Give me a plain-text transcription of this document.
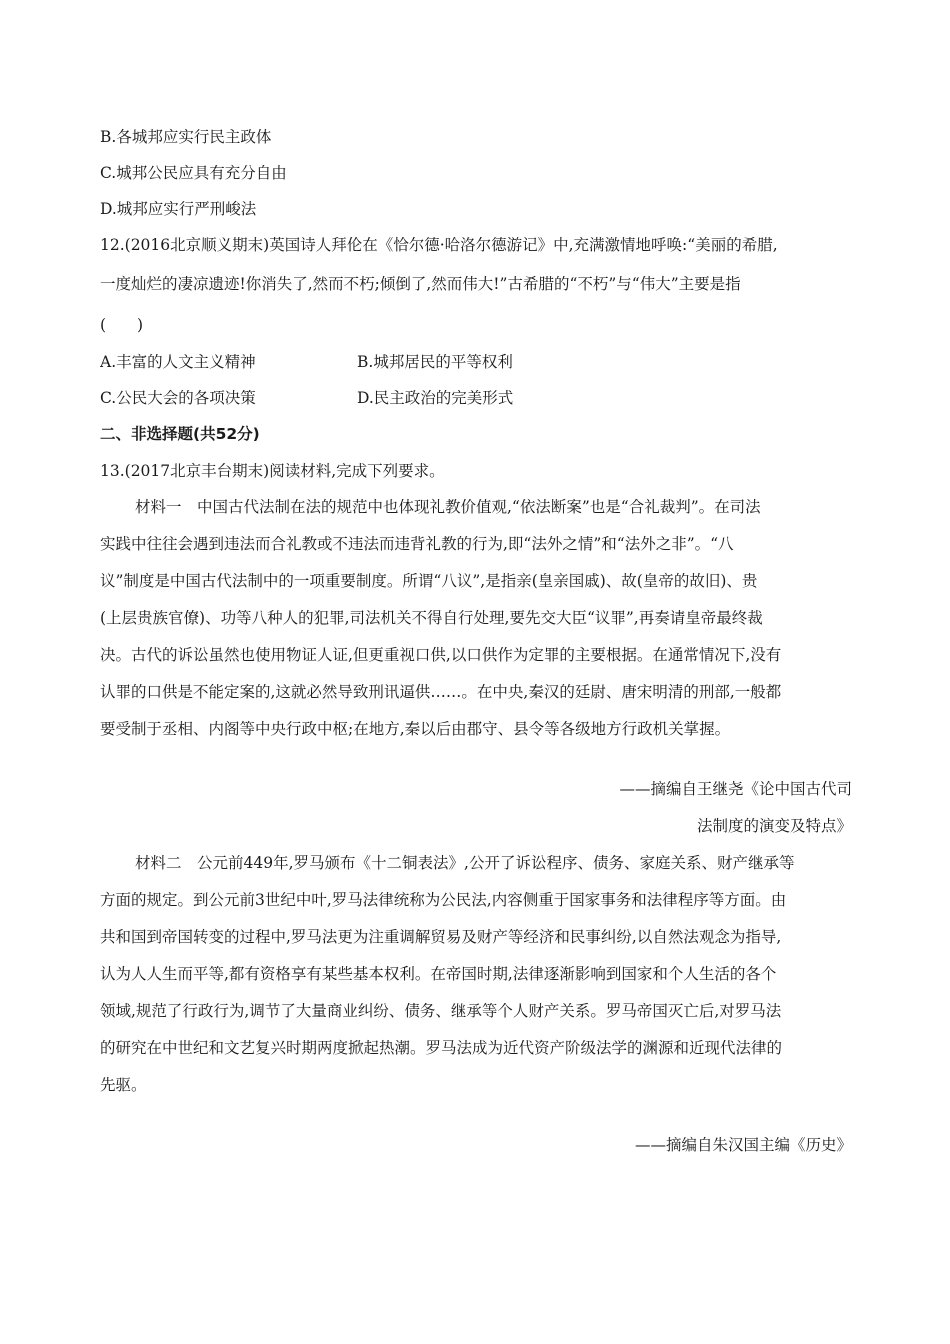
B.各城邦应实行民主政体
C.城邦公民应具有充分自由
D.城邦应实行严刑峻法
12.(2016北京顺义期末)英国诗人拜伦在《恰尔德·哈洛尔德游记》中,充满激情地呼唤:“美丽的希腊,
一度灿烂的凄凉遗迹!你消失了,然而不朽;倾倒了,然而伟大!”古希腊的“不朽”与“伟大”主要是指
(　　)
A.丰富的人文主义精神	B.城邦居民的平等权利
C.公民大会的各项决策	D.民主政治的完美形式
二、非选择题(共52分)
13.(2017北京丰台期末)阅读材料,完成下列要求。
材料一　中国古代法制在法的规范中也体现礼教价值观,“依法断案”也是“合礼裁判”。在司法
实践中往往会遇到违法而合礼教或不违法而违背礼教的行为,即“法外之情”和“法外之非”。“八
议”制度是中国古代法制中的一项重要制度。所谓“八议”,是指亲(皇亲国戚)、故(皇帝的故旧)、贵
(上层贵族官僚)、功等八种人的犯罪,司法机关不得自行处理,要先交大臣“议罪”,再奏请皇帝最终裁
决。古代的诉讼虽然也使用物证人证,但更重视口供,以口供作为定罪的主要根据。在通常情况下,没有
认罪的口供是不能定案的,这就必然导致刑讯逼供……。在中央,秦汉的廷尉、唐宋明清的刑部,一般都
要受制于丞相、内阁等中央行政中枢;在地方,秦以后由郡守、县令等各级地方行政机关掌握。
——摘编自王继尧《论中国古代司
法制度的演变及特点》
材料二　公元前449年,罗马颁布《十二铜表法》,公开了诉讼程序、债务、家庭关系、财产继承等
方面的规定。到公元前3世纪中叶,罗马法律统称为公民法,内容侧重于国家事务和法律程序等方面。由
共和国到帝国转变的过程中,罗马法更为注重调解贸易及财产等经济和民事纠纷,以自然法观念为指导,
认为人人生而平等,都有资格享有某些基本权利。在帝国时期,法律逐渐影响到国家和个人生活的各个
领域,规范了行政行为,调节了大量商业纠纷、债务、继承等个人财产关系。罗马帝国灭亡后,对罗马法
的研究在中世纪和文艺复兴时期两度掀起热潮。罗马法成为近代资产阶级法学的渊源和近现代法律的
先驱。
——摘编自朱汉国主编《历史》
